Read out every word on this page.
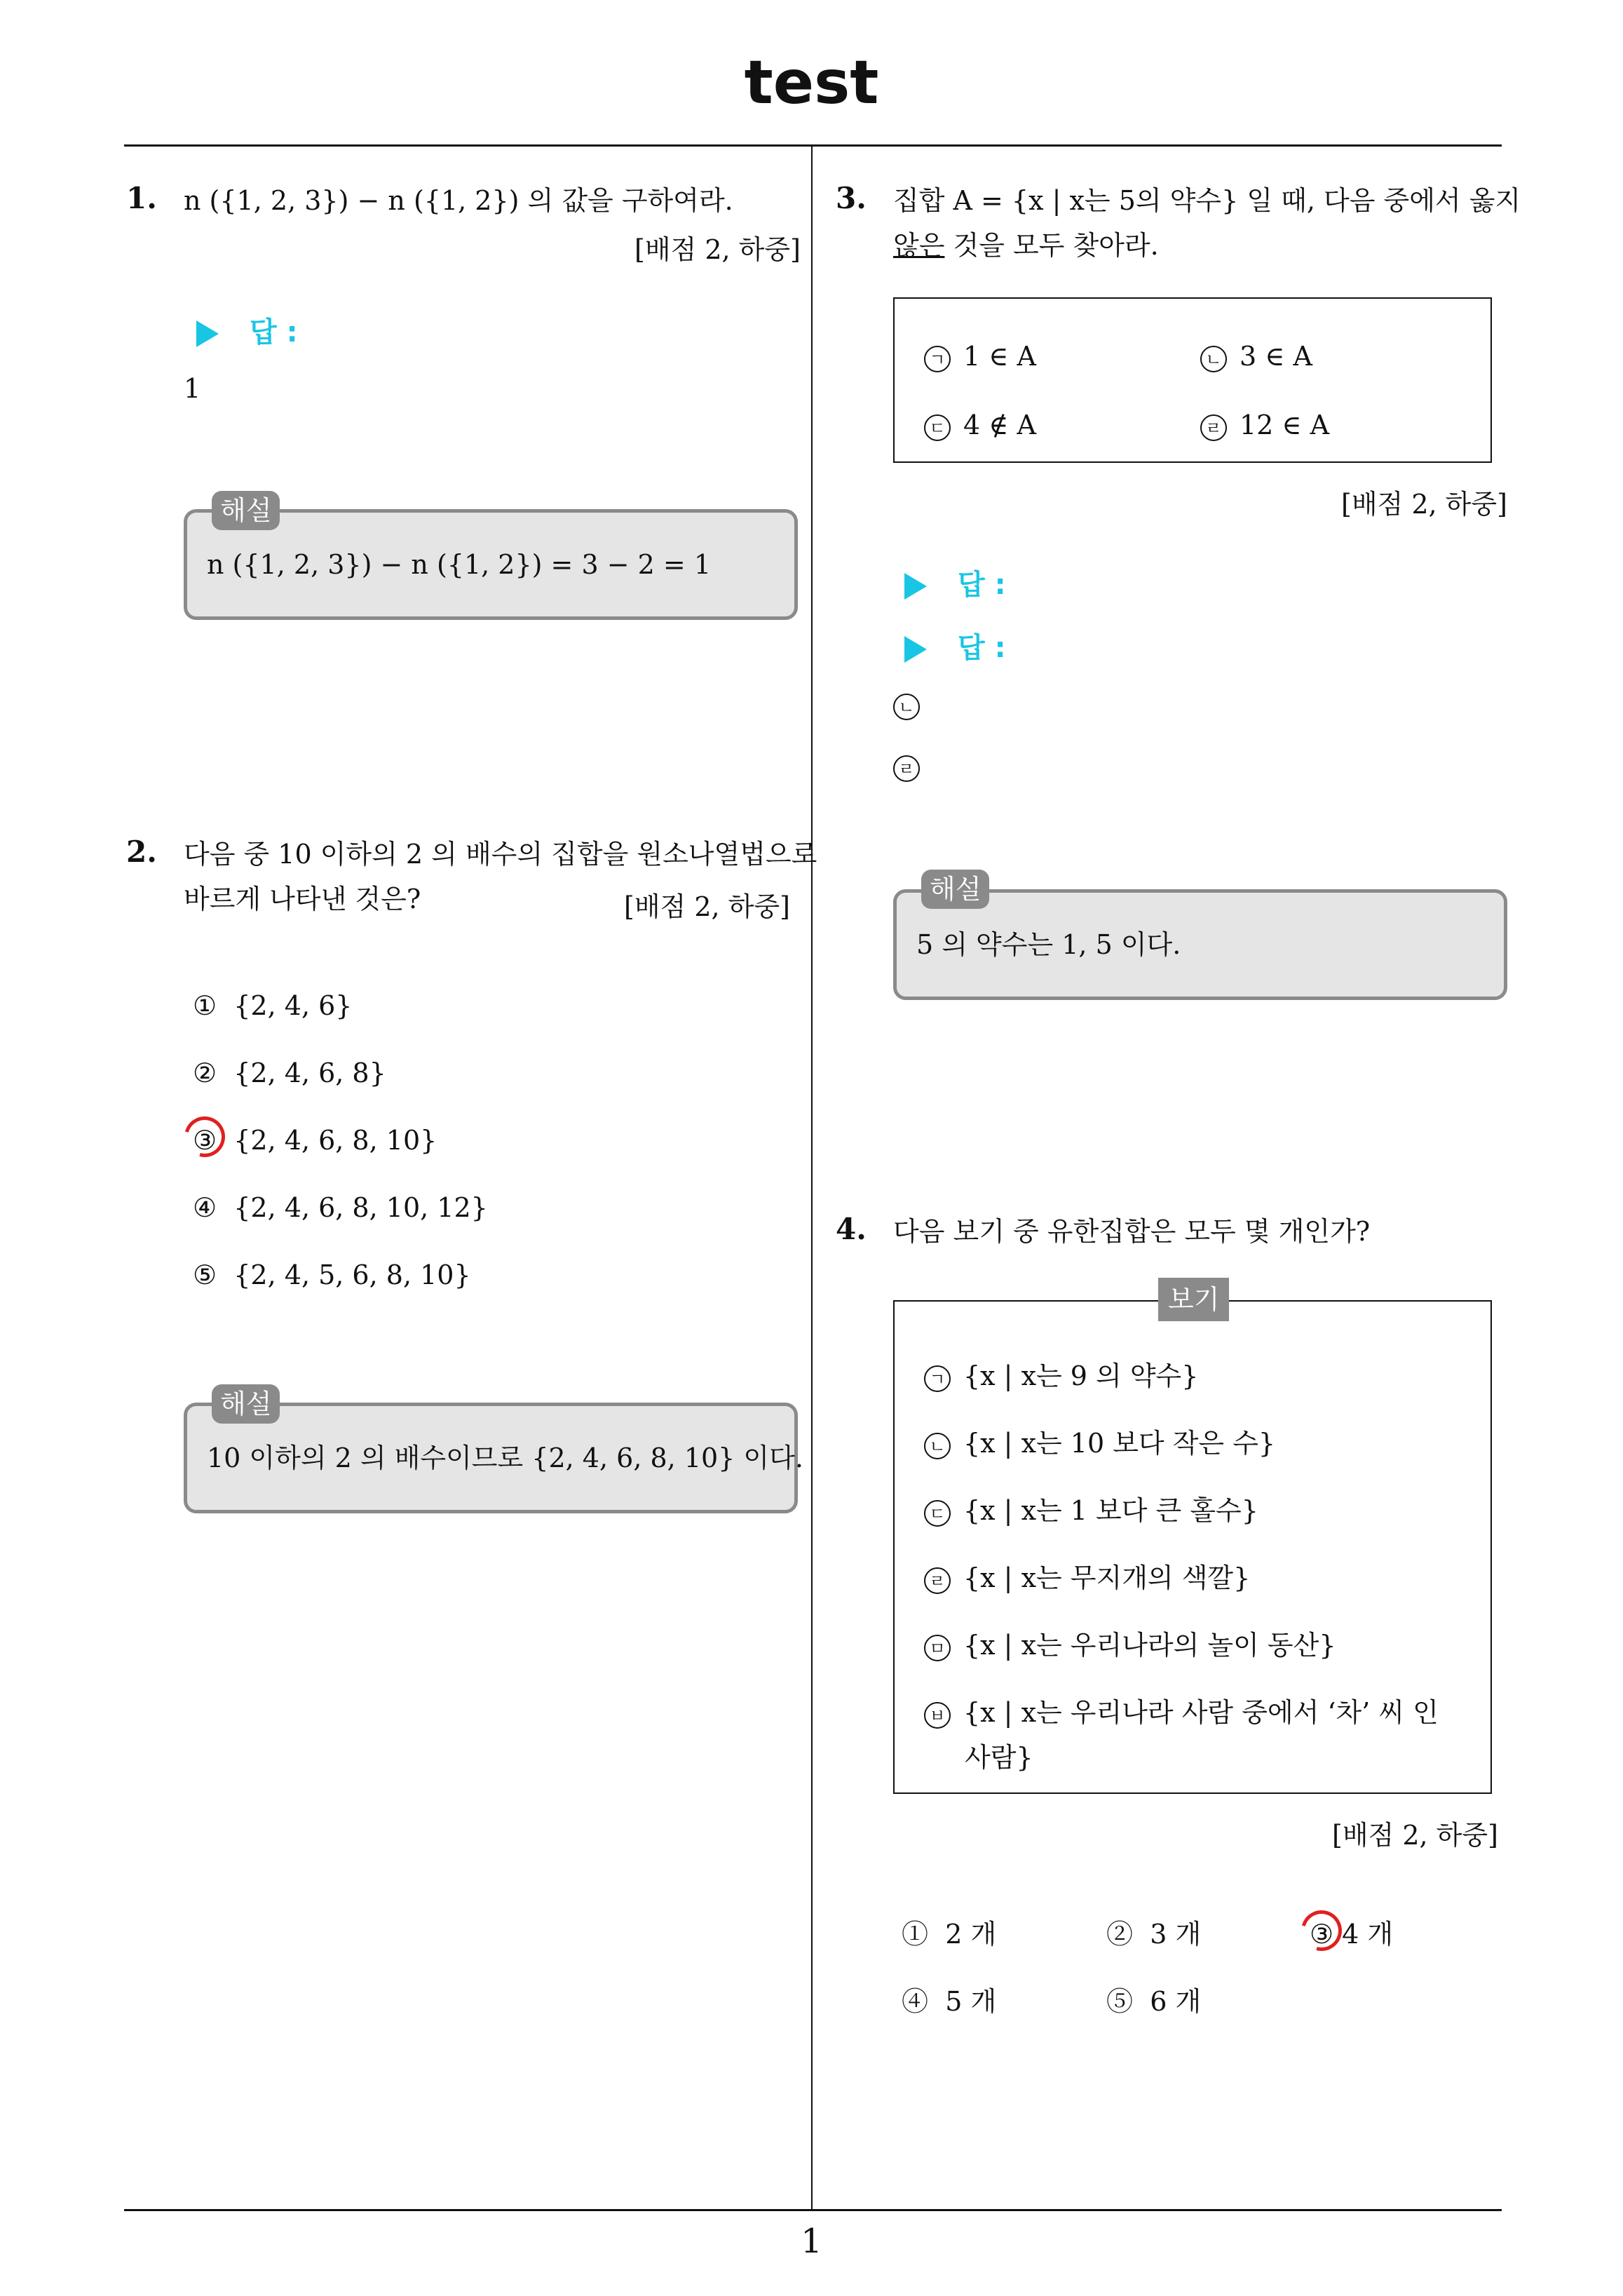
test
1. n ({1, 2, 3}) − n ({1, 2}) 의 값을 구하여라.
[배점 2, 하중]
답 :
1
n ({1, 2, 3}) − n ({1, 2}) = 3 − 2 = 1
해설
2. 다음 중 10 이하의 2 의 배수의 집합을 원소나열법으로
바르게 나타낸 것은?	[배점 2, 하중]
① {2, 4, 6}
② {2, 4, 6, 8}
③ {2, 4, 6, 8, 10}
④ {2, 4, 6, 8, 10, 12}
⑤ {2, 4, 5, 6, 8, 10}
10 이하의 2 의 배수이므로 {2, 4, 6, 8, 10} 이다.
해설
3. 집합 A = {x | x는 5의 약수} 일 때, 다음 중에서 옳지
않은 것을 모두 찾아라.
ㄱ 1 ∈ A	ㄴ 3 ∈ A
ㄷ 4 ∉ A	ㄹ 12 ∈ A
[배점 2, 하중]
답 :
답 :
ㄴ
ㄹ
5 의 약수는 1, 5 이다.
해설
4. 다음 보기 중 유한집합은 모두 몇 개인가?
ㄱ {x | x는 9 의 약수}
ㄴ {x | x는 10 보다 작은 수}
ㄷ {x | x는 1 보다 큰 홀수}
ㄹ {x | x는 무지개의 색깔}
ㅁ {x | x는 우리나라의 놀이 동산}
ㅂ {x | x는 우리나라 사람 중에서 ‘차’ 씨 인
사람}
보기
[배점 2, 하중]
① 2 개	② 3 개	③ 4 개
④ 5 개	⑤ 6 개
1
